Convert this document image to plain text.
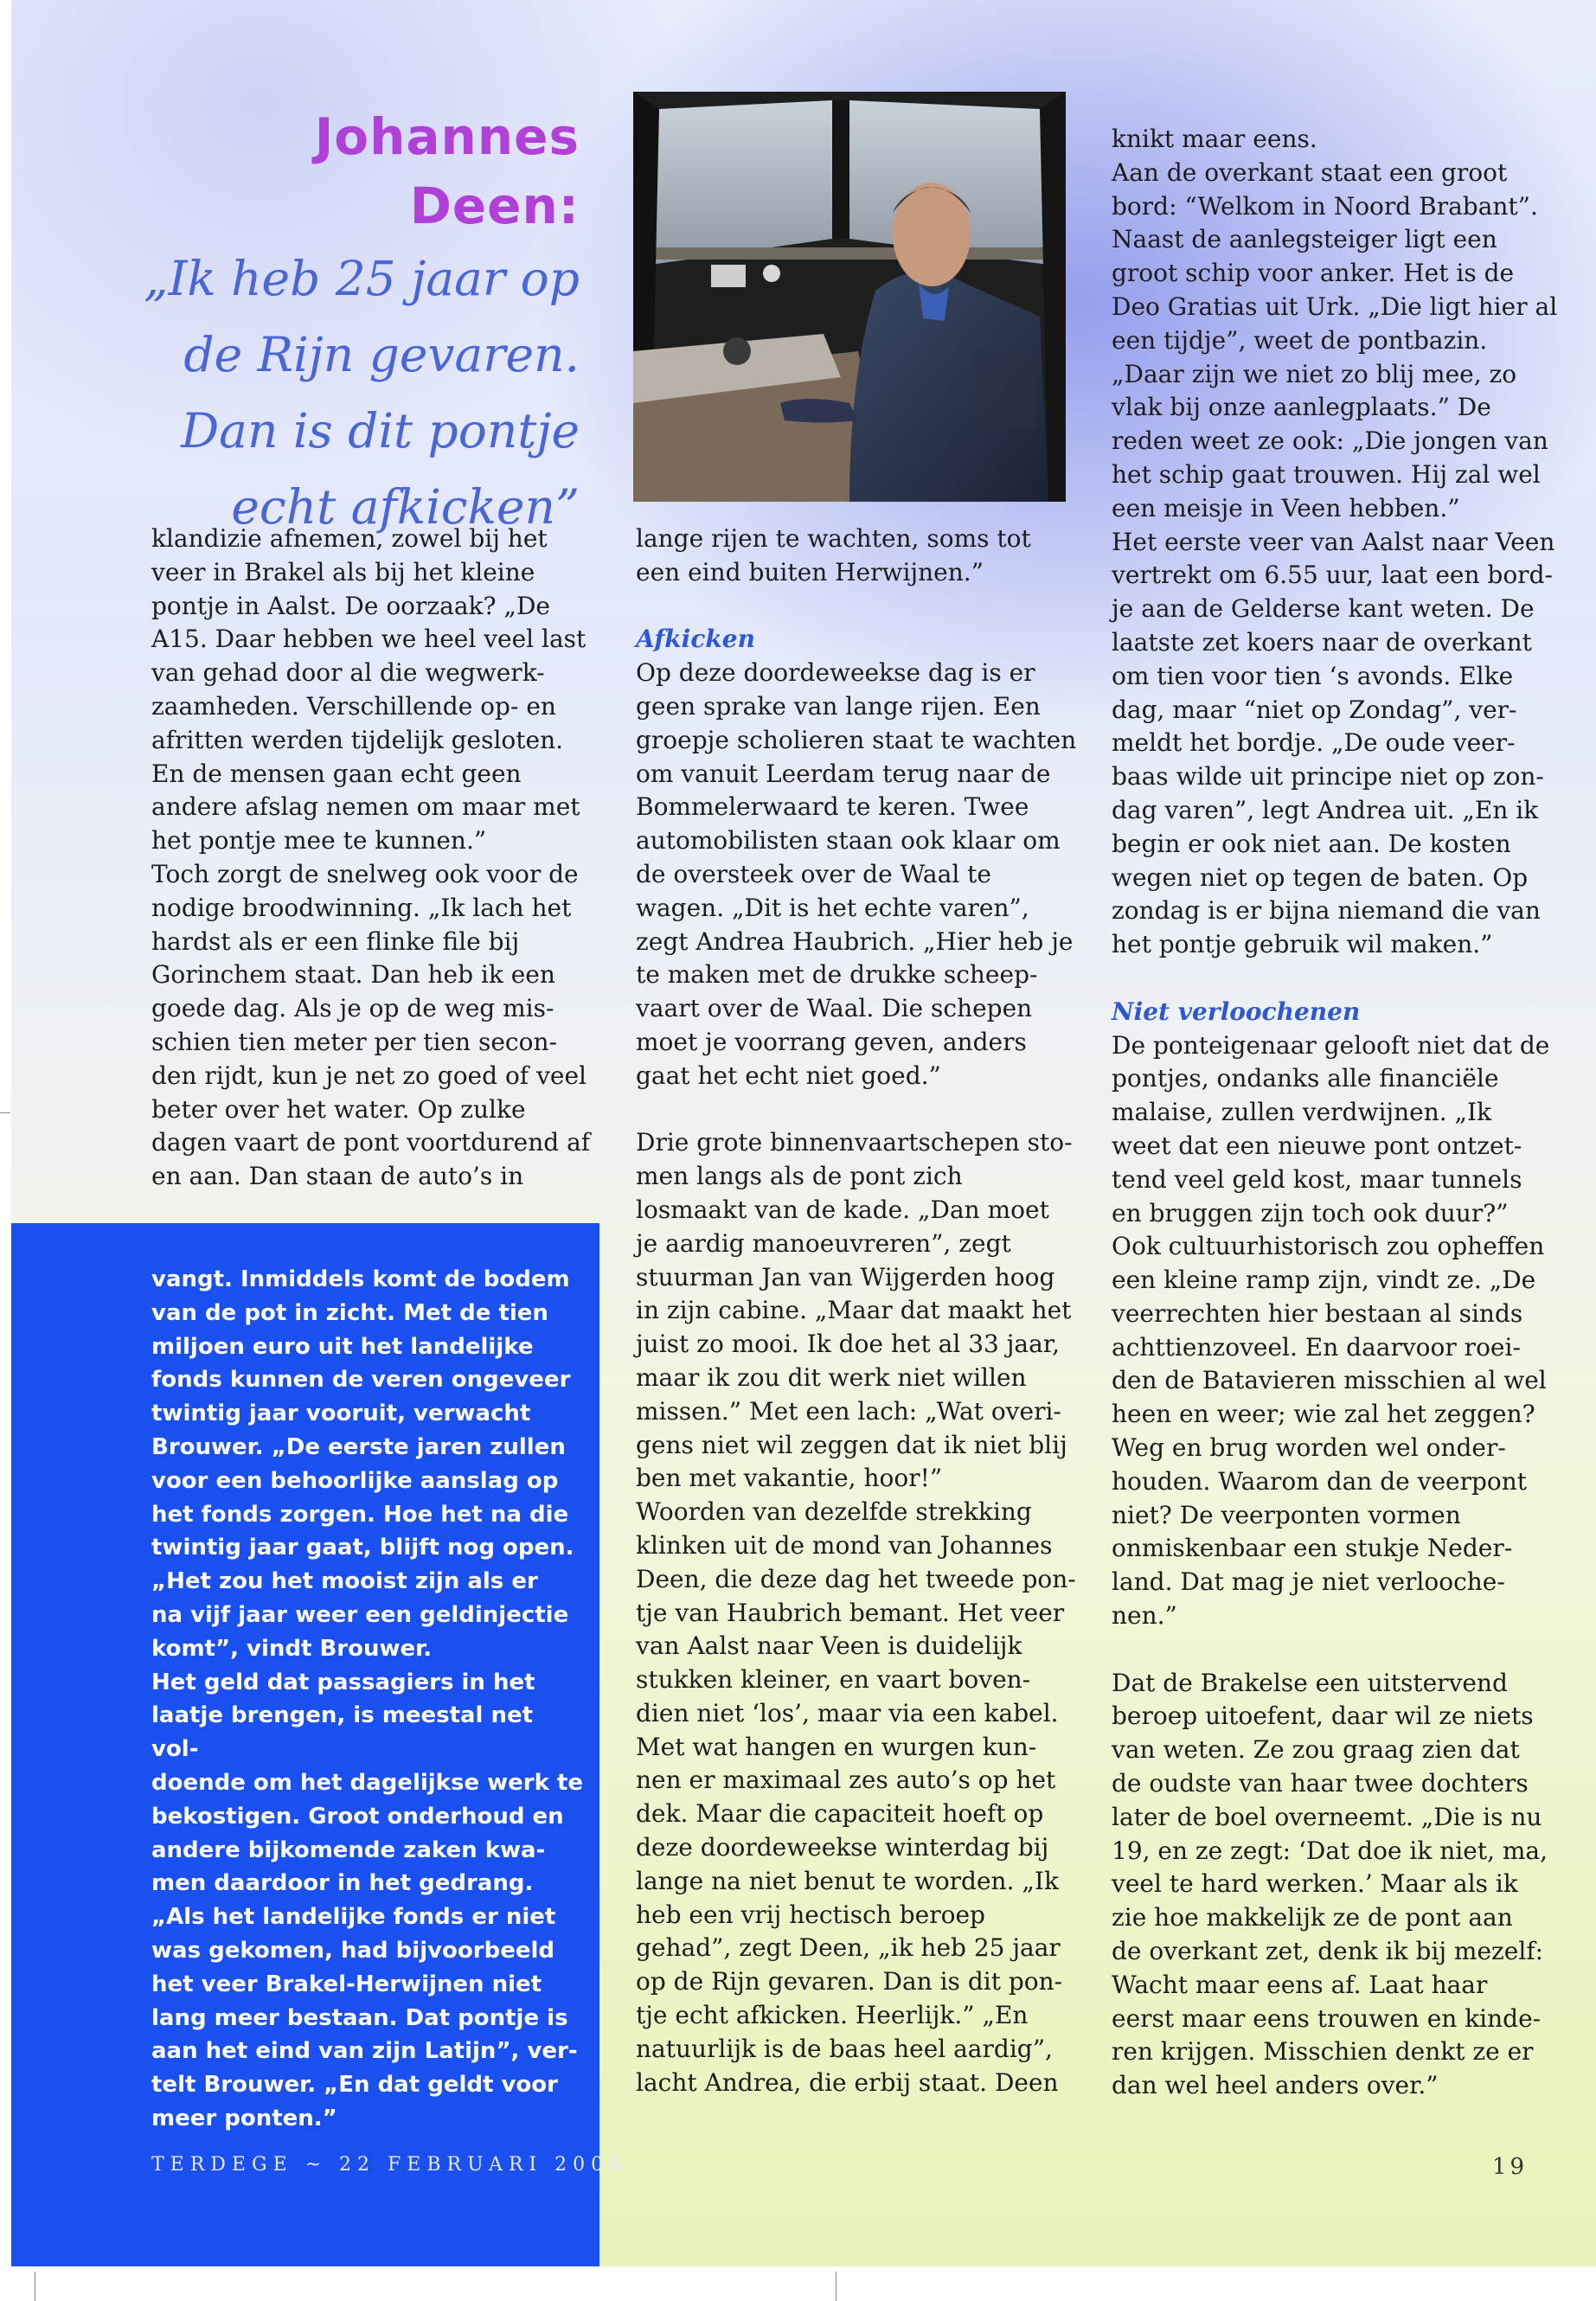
Johannes Deen:
„Ik heb 25 jaar op
de Rijn gevaren.
Dan is dit pontje
echt afkicken”

klandizie afnemen, zowel bij het

veer in Brakel als bij het kleine

pontje in Aalst. De oorzaak? „De

A15. Daar hebben we heel veel last

van gehad door al die wegwerk-

zaamheden. Verschillende op- en

afritten werden tijdelijk gesloten.

En de mensen gaan echt geen

andere afslag nemen om maar met

het pontje mee te kunnen.”

Toch zorgt de snelweg ook voor de

nodige broodwinning. „Ik lach het

hardst als er een flinke file bij

Gorinchem staat. Dan heb ik een

goede dag. Als je op de weg mis-

schien tien meter per tien secon-

den rijdt, kun je net zo goed of veel

beter over het water. Op zulke

dagen vaart de pont voortdurend af

en aan. Dan staan de auto’s in

vangt. Inmiddels komt de bodem

van de pot in zicht. Met de tien

miljoen euro uit het landelijke

fonds kunnen de veren ongeveer

twintig jaar vooruit, verwacht

Brouwer. „De eerste jaren zullen

voor een behoorlijke aanslag op

het fonds zorgen. Hoe het na die

twintig jaar gaat, blijft nog open.

„Het zou het mooist zijn als er

na vijf jaar weer een geldinjectie

komt”, vindt Brouwer.

Het geld dat passagiers in het

laatje brengen, is meestal net vol-

doende om het dagelijkse werk te

bekostigen. Groot onderhoud en

andere bijkomende zaken kwa-

men daardoor in het gedrang.

„Als het landelijke fonds er niet

was gekomen, had bijvoorbeeld

het veer Brakel-Herwijnen niet

lang meer bestaan. Dat pontje is

aan het eind van zijn Latijn”, ver-

telt Brouwer. „En dat geldt voor

meer ponten.”

lange rijen te wachten, soms tot

een eind buiten Herwijnen.”

Afkicken

Op deze doordeweekse dag is er

geen sprake van lange rijen. Een

groepje scholieren staat te wachten

om vanuit Leerdam terug naar de

Bommelerwaard te keren. Twee

automobilisten staan ook klaar om

de oversteek over de Waal te

wagen. „Dit is het echte varen”,

zegt Andrea Haubrich. „Hier heb je

te maken met de drukke scheep-

vaart over de Waal. Die schepen

moet je voorrang geven, anders

gaat het echt niet goed.”

Drie grote binnenvaartschepen sto-

men langs als de pont zich

losmaakt van de kade. „Dan moet

je aardig manoeuvreren”, zegt

stuurman Jan van Wijgerden hoog

in zijn cabine. „Maar dat maakt het

juist zo mooi. Ik doe het al 33 jaar,

maar ik zou dit werk niet willen

missen.” Met een lach: „Wat overi-

gens niet wil zeggen dat ik niet blij

ben met vakantie, hoor!”

Woorden van dezelfde strekking

klinken uit de mond van Johannes

Deen, die deze dag het tweede pon-

tje van Haubrich bemant. Het veer

van Aalst naar Veen is duidelijk

stukken kleiner, en vaart boven-

dien niet ‘los’, maar via een kabel.

Met wat hangen en wurgen kun-

nen er maximaal zes auto’s op het

dek. Maar die capaciteit hoeft op

deze doordeweekse winterdag bij

lange na niet benut te worden. „Ik

heb een vrij hectisch beroep

gehad”, zegt Deen, „ik heb 25 jaar

op de Rijn gevaren. Dan is dit pon-

tje echt afkicken. Heerlijk.” „En

natuurlijk is de baas heel aardig”,

lacht Andrea, die erbij staat. Deen

knikt maar eens.

Aan de overkant staat een groot

bord: “Welkom in Noord Brabant”.

Naast de aanlegsteiger ligt een

groot schip voor anker. Het is de

Deo Gratias uit Urk. „Die ligt hier al

een tijdje”, weet de pontbazin.

„Daar zijn we niet zo blij mee, zo

vlak bij onze aanlegplaats.” De

reden weet ze ook: „Die jongen van

het schip gaat trouwen. Hij zal wel

een meisje in Veen hebben.”

Het eerste veer van Aalst naar Veen

vertrekt om 6.55 uur, laat een bord-

je aan de Gelderse kant weten. De

laatste zet koers naar de overkant

om tien voor tien ‘s avonds. Elke

dag, maar “niet op Zondag”, ver-

meldt het bordje. „De oude veer-

baas wilde uit principe niet op zon-

dag varen”, legt Andrea uit. „En ik

begin er ook niet aan. De kosten

wegen niet op tegen de baten. Op

zondag is er bijna niemand die van

het pontje gebruik wil maken.”

Niet verloochenen

De ponteigenaar gelooft niet dat de

pontjes, ondanks alle financiële

malaise, zullen verdwijnen. „Ik

weet dat een nieuwe pont ontzet-

tend veel geld kost, maar tunnels

en bruggen zijn toch ook duur?”

Ook cultuurhistorisch zou opheffen

een kleine ramp zijn, vindt ze. „De

veerrechten hier bestaan al sinds

achttienzoveel. En daarvoor roei-

den de Batavieren misschien al wel

heen en weer; wie zal het zeggen?

Weg en brug worden wel onder-

houden. Waarom dan de veerpont

niet? De veerponten vormen

onmiskenbaar een stukje Neder-

land. Dat mag je niet verlooche-

nen.”

Dat de Brakelse een uitstervend

beroep uitoefent, daar wil ze niets

van weten. Ze zou graag zien dat

de oudste van haar twee dochters

later de boel overneemt. „Die is nu

19, en ze zegt: ‘Dat doe ik niet, ma,

veel te hard werken.’ Maar als ik

zie hoe makkelijk ze de pont aan

de overkant zet, denk ik bij mezelf:

Wacht maar eens af. Laat haar

eerst maar eens trouwen en kinde-

ren krijgen. Misschien denkt ze er

dan wel heel anders over.”

TERDEGE ~ 22 FEBRUARI 2006	19
